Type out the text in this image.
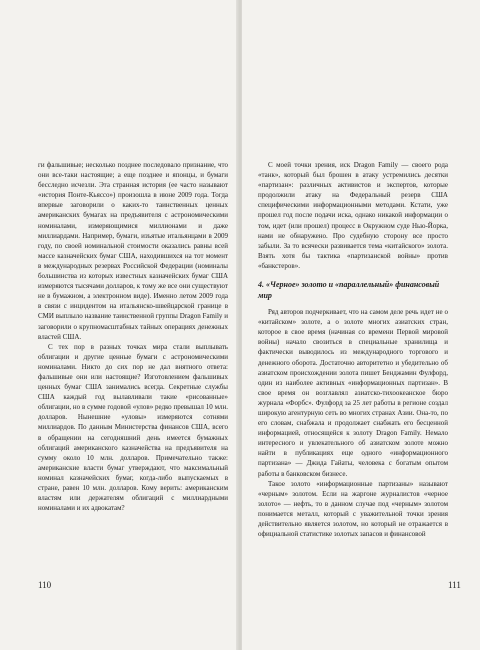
ги фальшивые; несколько позднее последовало признание, что они все-таки настоящие; а еще позднее и японцы, и бумаги бесследно исчезли. Эта странная история (ее часто называют «история Понте-Кьяссо») произошла в июне 2009 года. Тогда впервые заговорили о каких-то таинственных ценных американских бумагах на предъявителя с астрономическими номиналами, измеряющимися миллионами и даже миллиардами. Например, бумаги, изъятые итальянцами в 2009 году, по своей номинальной стоимости оказались равны всей массе казначейских бумаг США, находившихся на тот момент в международных резервах Российской Федерации (номиналы большинства из которых известных казначейских бумаг США измеряются тысячами долларов, к тому же все они существуют не в бумажном, а электронном виде). Именно летом 2009 года в связи с инцидентом на итальянско-швейцарской границе в СМИ выплыло название таинственной группы Dragon Family и заговорили о крупномасштабных тайных операциях денежных властей США.

С тех пор в разных точках мира стали выплывать облигации и другие ценные бумаги с астрономическими номиналами. Никто до сих пор не дал внятного ответа: фальшивые они или настоящие? Изготовлением фальшивых ценных бумаг США занимались всегда. Секретные службы США каждый год вылавливали такие «рисованные» облигации, но в сумме годовой «улов» редко превышал 10 млн. долларов. Нынешние «уловы» измеряются сотнями миллиардов. По данным Министерства финансов США, всего в обращении на сегодняшний день имеется бумажных облигаций американского казначейства на предъявителя на сумму около 10 млн. долларов. Примечательно также: американские власти бумаг утверждают, что максимальный номинал казначейских бумаг, когда-либо выпускаемых в стране, равен 10 млн. долларов. Кому верить: американским властям или держателям облигаций с миллиардными номиналами и их адвокатам?

110

С моей точки зрения, иск Dragon Family — своего рода «танк», который был брошен в атаку устремились десятки «партизан»: различных активистов и экспертов, которые продолжили атаку на Федеральный резерв США специфическими информационными методами. Кстати, уже прошел год после подачи иска, однако никакой информации о том, идет (или прошел) процесс в Окружном суде Нью-Йорка, нами не обнаружено. Про судебную сторону все просто забыли. За то всячески развивается тема «китайского» золота. Взять хотя бы тактика «партизанской войны» против «банкстеров».

4. «Черное» золото и «параллельный» финансовый мир

Ряд авторов подчеркивает, что на самом деле речь идет не о «китайском» золоте, а о золоте многих азиатских стран, которое в свое время (начиная со времени Первой мировой войны) начало свозиться в специальные хранилища и фактически выводилось из международного торгового и денежного оборота. Достаточно авторитетно и убедительно об азиатском происхождении золота пишет Бенджамин Фулфорд, один из наиболее активных «информационных партизан». В свое время он возглавлял азиатско-тихоокеанское бюро журнала «Форбс». Фулфорд за 25 лет работы в регионе создал широкую агентурную сеть во многих странах Азии. Она-то, по его словам, снабжала и продолжает снабжать его бесценной информацией, относящейся к золоту Dragon Family. Немало интересного и увлекательного об азиатском золоте можно найти в публикациях еще одного «информационного партизана» — Джида Гайаты, человека с богатым опытом работы в банковском бизнесе.

Такое золото «информационные партизаны» называют «черным» золотом. Если на жаргоне журналистов «черное золото» — нефть, то в данном случае под «черным» золотом понимается металл, который с уважительной точки зрения действительно является золотом, но который не отражается в официальной статистике золотых запасов и финансовой

111
